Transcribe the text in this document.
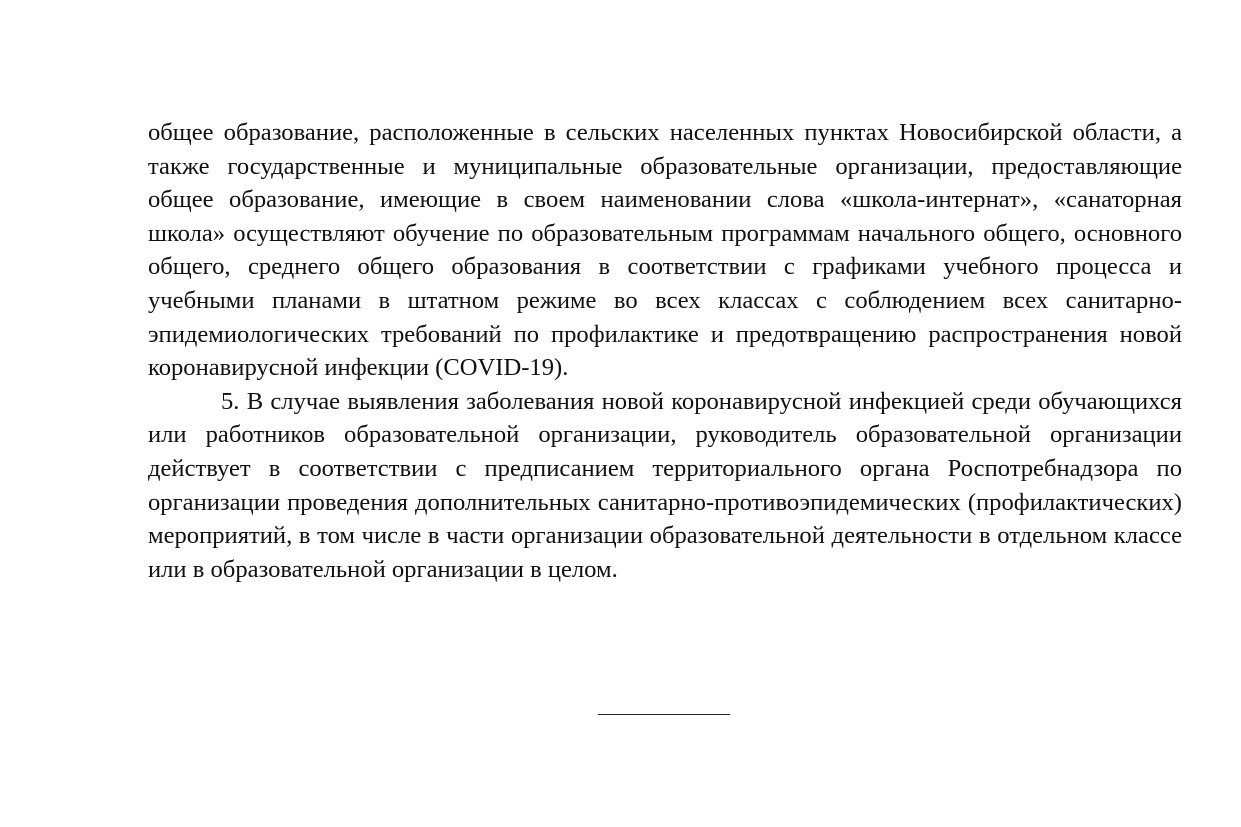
общее образование, расположенные в сельских населенных пунктах Новосибирской области, а также государственные и муниципальные образовательные организации, предоставляющие общее образование, имеющие в своем наименовании слова «школа-интернат», «санаторная школа» осуществляют обучение по образовательным программам начального общего, основного общего, среднего общего образования в соответствии с графиками учебного процесса и учебными планами в штатном режиме во всех классах с соблюдением всех санитарно-эпидемиологических требований по профилактике и предотвращению распространения новой коронавирусной инфекции (COVID-19).

5. В случае выявления заболевания новой коронавирусной инфекцией среди обучающихся или работников образовательной организации, руководитель образовательной организации действует в соответствии с предписанием территориального органа Роспотребнадзора по организации проведения дополнительных санитарно-противоэпидемических (профилактических) мероприятий, в том числе в части организации образовательной деятельности в отдельном классе или в образовательной организации в целом.
